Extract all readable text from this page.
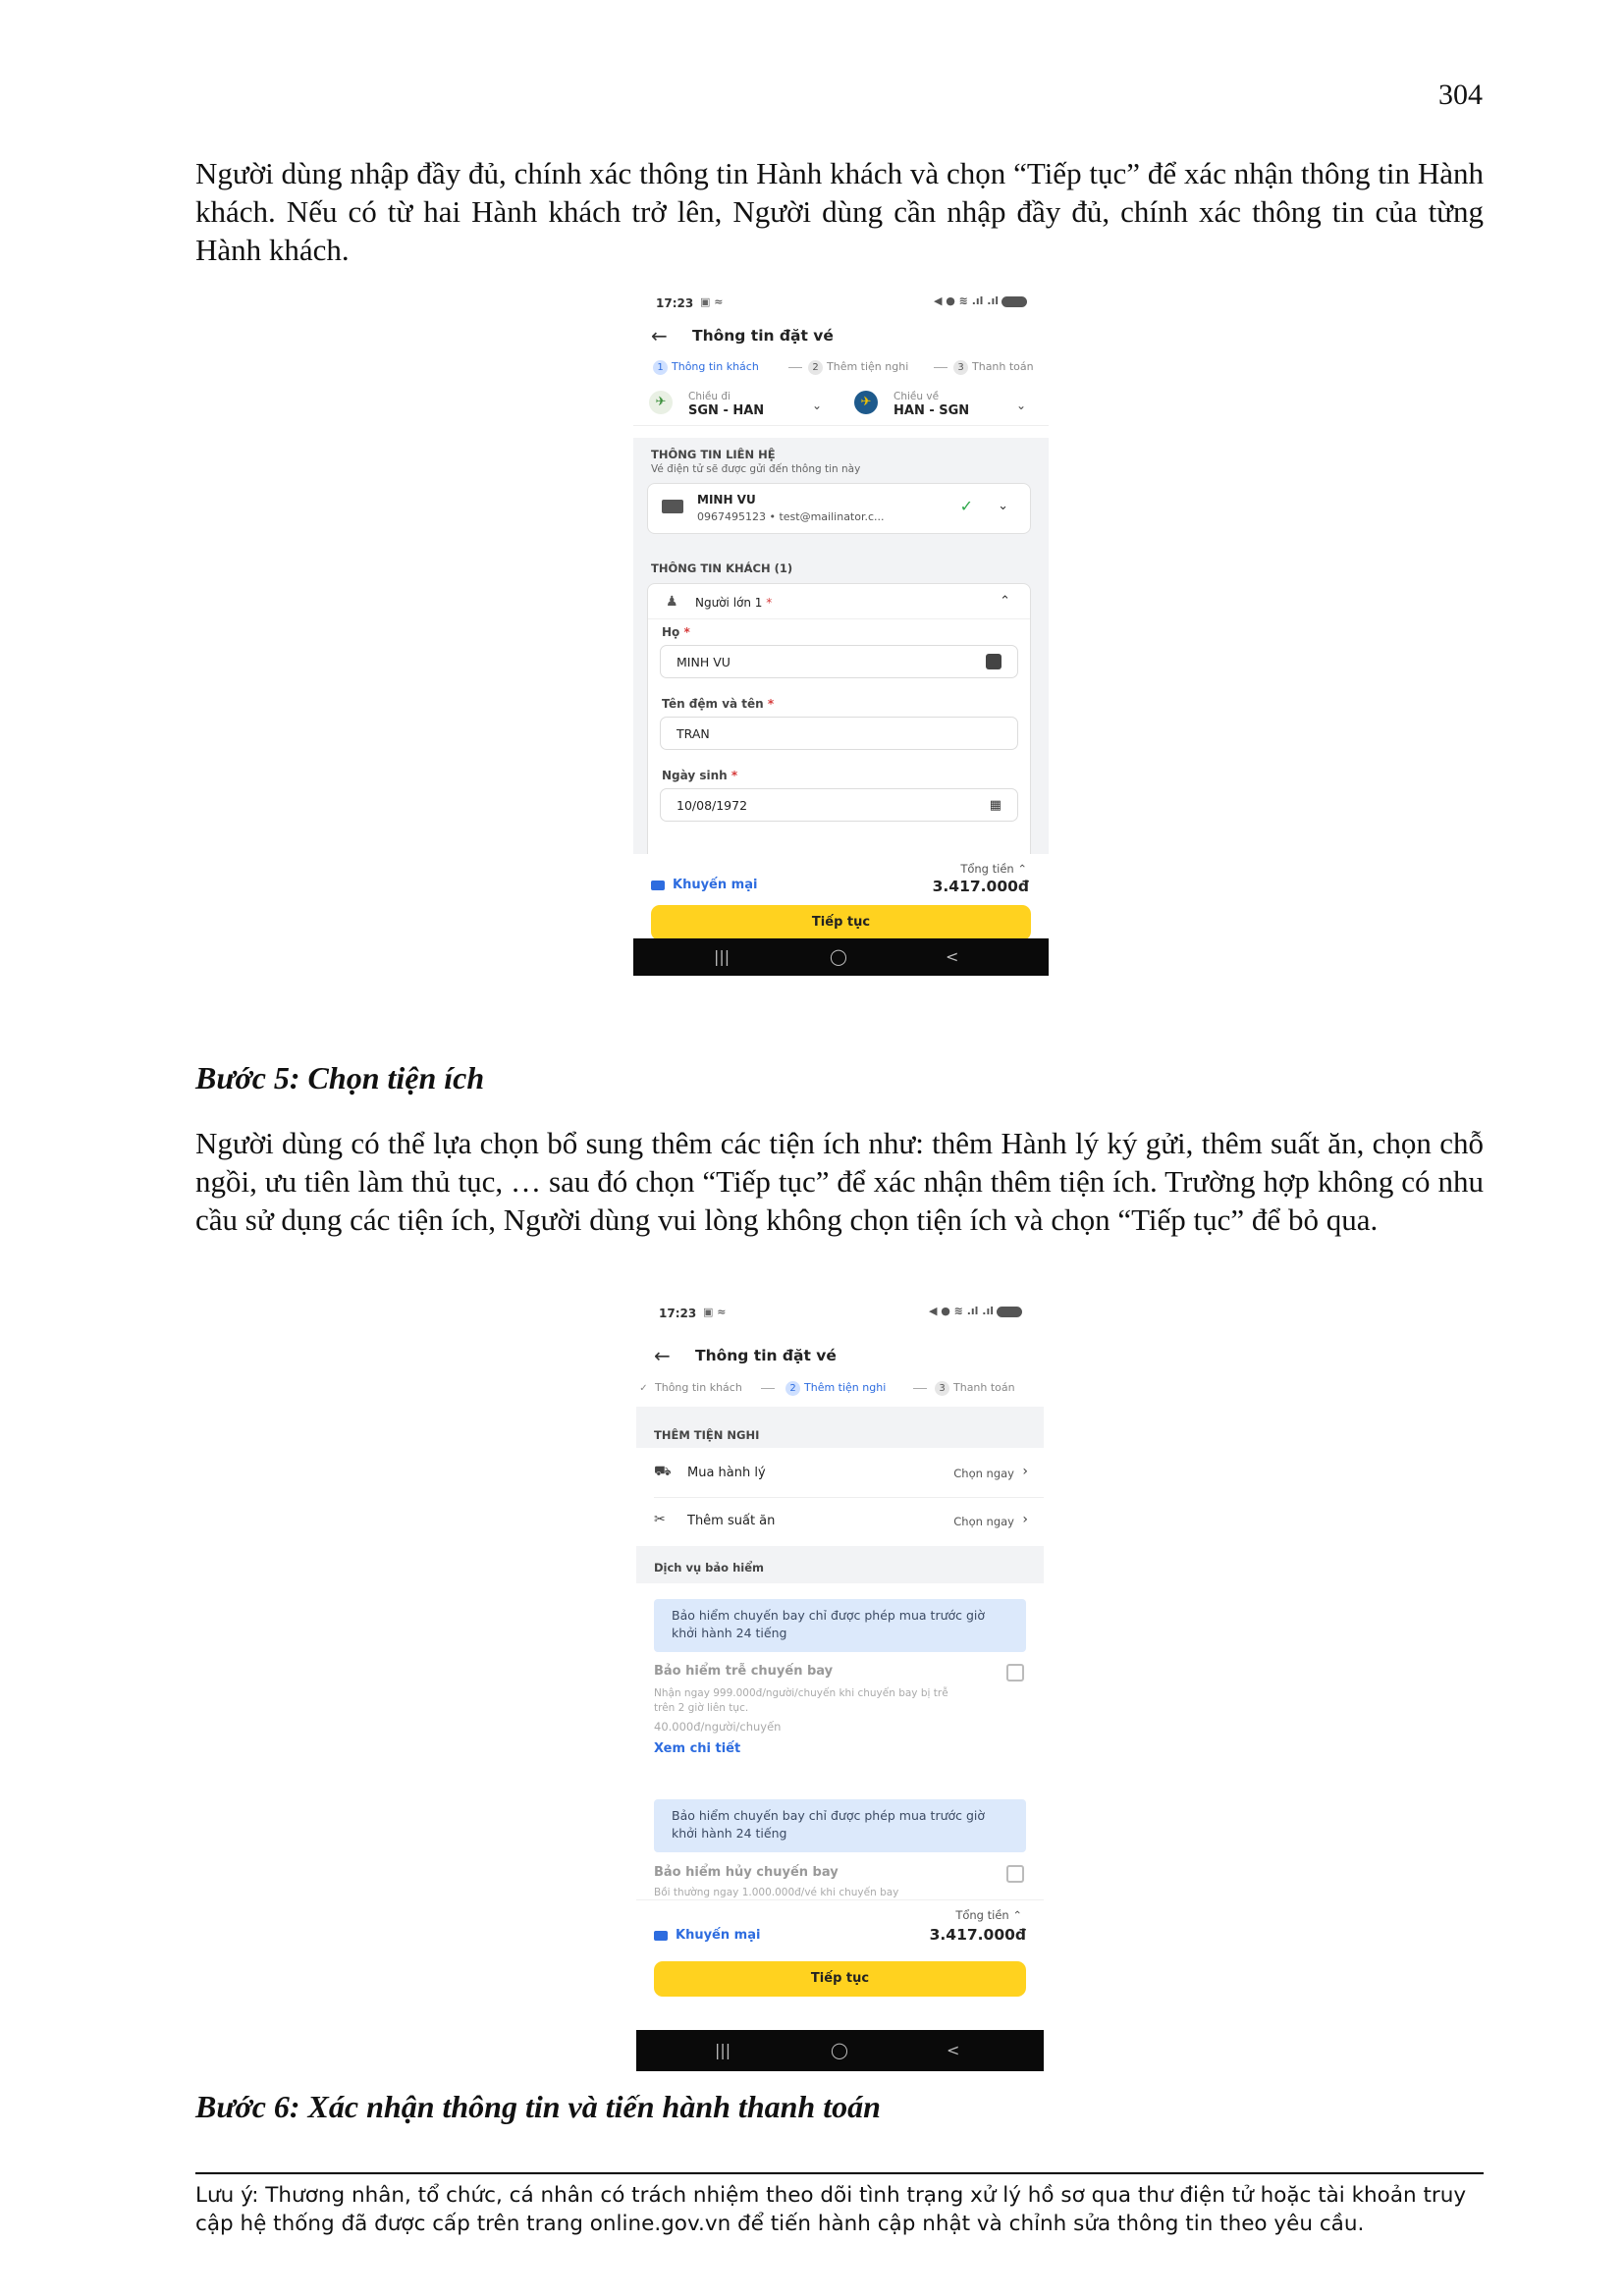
304

Người dùng nhập đầy đủ, chính xác thông tin Hành khách và chọn “Tiếp tục” để xác nhận thông tin Hành khách. Nếu có từ hai Hành khách trở lên, Người dùng cần nhập đầy đủ, chính xác thông tin của từng Hành khách.

17:23 ▣ ≈	◀ ● ≋ .ıl .ıl
← Thông tin đặt vé
1 Thông tin khách	2 Thêm tiện nghi	3 Thanh toán
✈	Chiều đi
SGN - HAN	⌄	✈	Chiều về
HAN - SGN	⌄
THÔNG TIN LIÊN HỆ
Vé điện tử sẽ được gửi đến thông tin này
MINH VU
0967495123 • test@mailinator.c...
✓ ⌄
THÔNG TIN KHÁCH (1)
♟ Người lớn 1 *	⌃
Họ *
MINH VU
Tên đệm và tên *
TRAN
Ngày sinh *
10/08/1972	▦
Tổng tiền ⌃
Khuyến mại	3.417.000đ
Tiếp tục
|||	◯	<
Bước 5: Chọn tiện ích

Người dùng có thể lựa chọn bổ sung thêm các tiện ích như: thêm Hành lý ký gửi, thêm suất ăn, chọn chỗ ngồi, ưu tiên làm thủ tục, … sau đó chọn “Tiếp tục” để xác nhận thêm tiện ích. Trường hợp không có nhu cầu sử dụng các tiện ích, Người dùng vui lòng không chọn tiện ích và chọn “Tiếp tục” để bỏ qua.

17:23 ▣ ≈	◀ ● ≋ .ıl .ıl
← Thông tin đặt vé
✓ Thông tin khách	2 Thêm tiện nghi	3 Thanh toán
THÊM TIỆN NGHI
⛟ Mua hành lý	Chọn ngay ›
✂ Thêm suất ăn	Chọn ngay ›
Dịch vụ bảo hiểm
Bảo hiểm chuyến bay chỉ được phép mua trước giờ khởi hành 24 tiếng
Bảo hiểm trễ chuyến bay
Nhận ngay 999.000đ/người/chuyến khi chuyến bay bị trễ trên 2 giờ liên tục.
40.000đ/người/chuyến
Xem chi tiết
Bảo hiểm chuyến bay chỉ được phép mua trước giờ khởi hành 24 tiếng
Bảo hiểm hủy chuyến bay
Bồi thường ngay 1.000.000đ/vé khi chuyến bay
Tổng tiền ⌃
Khuyến mại	3.417.000đ
Tiếp tục
|||	◯	<
Bước 6: Xác nhận thông tin và tiến hành thanh toán

Lưu ý: Thương nhân, tổ chức, cá nhân có trách nhiệm theo dõi tình trạng xử lý hồ sơ qua thư điện tử hoặc tài khoản truy cập hệ thống đã được cấp trên trang online.gov.vn để tiến hành cập nhật và chỉnh sửa thông tin theo yêu cầu.
